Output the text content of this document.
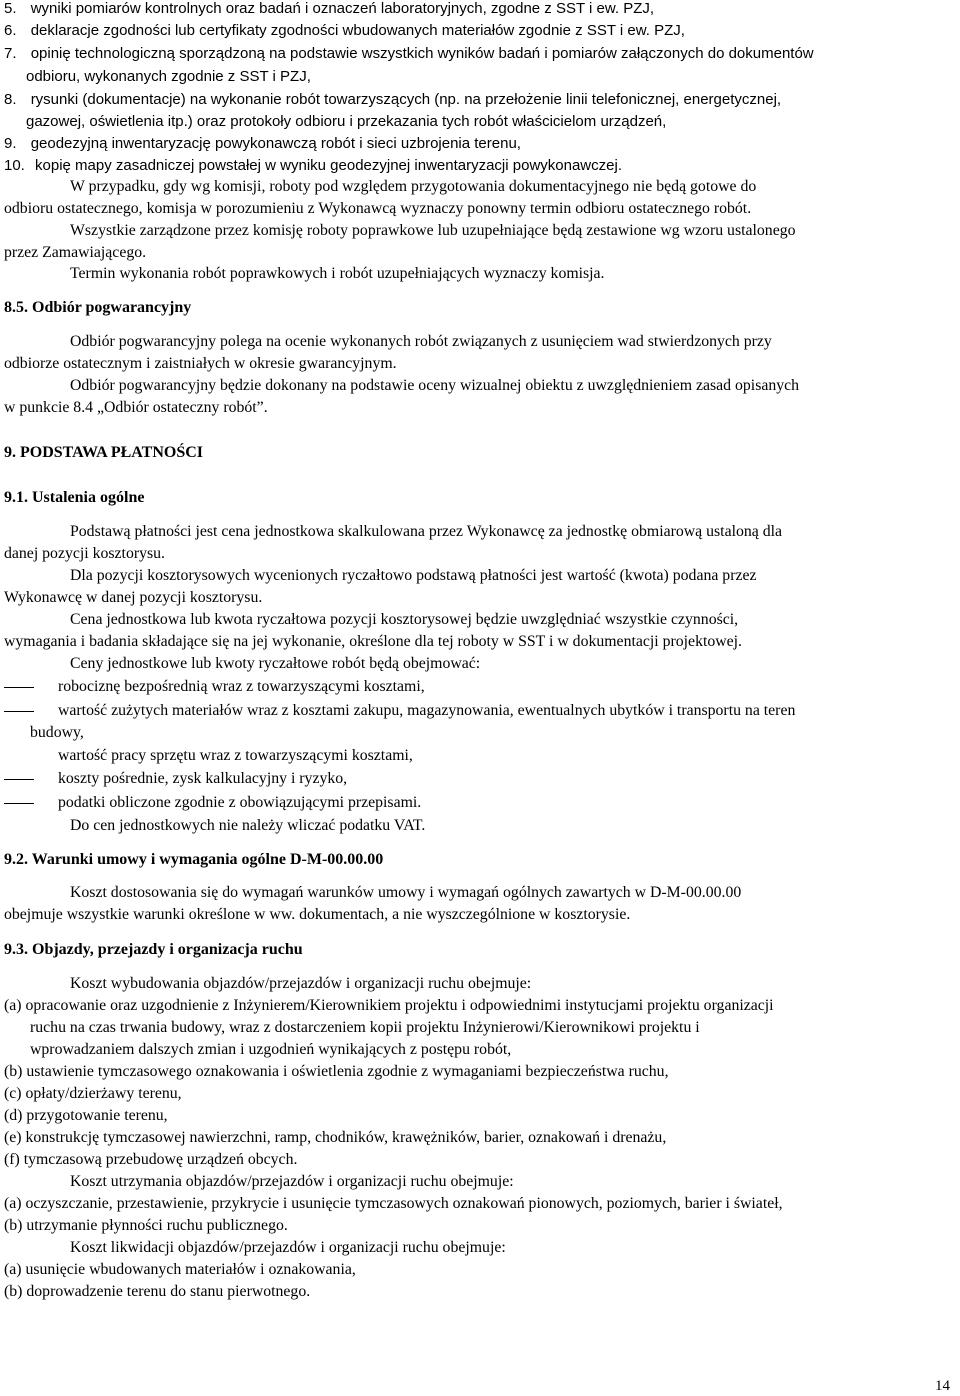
5. wyniki pomiarów kontrolnych oraz badań i oznaczeń laboratoryjnych, zgodne z SST i ew. PZJ,
6. deklaracje zgodności lub certyfikaty zgodności wbudowanych materiałów zgodnie z SST i ew. PZJ,
7. opinię technologiczną sporządzoną na podstawie wszystkich wyników badań i pomiarów załączonych do dokumentów
odbioru, wykonanych zgodnie z SST i PZJ,
8. rysunki (dokumentacje) na wykonanie robót towarzyszących (np. na przełożenie linii telefonicznej, energetycznej,
gazowej, oświetlenia itp.) oraz protokoły odbioru i przekazania tych robót właścicielom urządzeń,
9. geodezyjną inwentaryzację powykonawczą robót i sieci uzbrojenia terenu,
10. kopię mapy zasadniczej powstałej w wyniku geodezyjnej inwentaryzacji powykonawczej.
W przypadku, gdy wg komisji, roboty pod względem przygotowania dokumentacyjnego nie będą gotowe do
odbioru ostatecznego, komisja w porozumieniu z Wykonawcą wyznaczy ponowny termin odbioru ostatecznego robót.
Wszystkie zarządzone przez komisję roboty poprawkowe lub uzupełniające będą zestawione wg wzoru ustalonego
przez Zamawiającego.
Termin wykonania robót poprawkowych i robót uzupełniających wyznaczy komisja.
8.5. Odbiór pogwarancyjny
Odbiór pogwarancyjny polega na ocenie wykonanych robót związanych z usunięciem wad stwierdzonych przy
odbiorze ostatecznym i zaistniałych w okresie gwarancyjnym.
Odbiór pogwarancyjny będzie dokonany na podstawie oceny wizualnej obiektu z uwzględnieniem zasad opisanych
w punkcie 8.4 „Odbiór ostateczny robót”.
9. PODSTAWA PŁATNOŚCI
9.1. Ustalenia ogólne
Podstawą płatności jest cena jednostkowa skalkulowana przez Wykonawcę za jednostkę obmiarową ustaloną dla
danej pozycji kosztorysu.
Dla pozycji kosztorysowych wycenionych ryczałtowo podstawą płatności jest wartość (kwota) podana przez
Wykonawcę w danej pozycji kosztorysu.
Cena jednostkowa lub kwota ryczałtowa pozycji kosztorysowej będzie uwzględniać wszystkie czynności,
wymagania i badania składające się na jej wykonanie, określone dla tej roboty w SST i w dokumentacji projektowej.
Ceny jednostkowe lub kwoty ryczałtowe robót będą obejmować:
robociznę bezpośrednią wraz z towarzyszącymi kosztami,
wartość zużytych materiałów wraz z kosztami zakupu, magazynowania, ewentualnych ubytków i transportu na teren
budowy,
wartość pracy sprzętu wraz z towarzyszącymi kosztami,
koszty pośrednie, zysk kalkulacyjny i ryzyko,
podatki obliczone zgodnie z obowiązującymi przepisami.
Do cen jednostkowych nie należy wliczać podatku VAT.
9.2. Warunki umowy i wymagania ogólne D-M-00.00.00
Koszt dostosowania się do wymagań warunków umowy i wymagań ogólnych zawartych w D-M-00.00.00
obejmuje wszystkie warunki określone w ww. dokumentach, a nie wyszczególnione w kosztorysie.
9.3. Objazdy, przejazdy i organizacja ruchu
Koszt wybudowania objazdów/przejazdów i organizacji ruchu obejmuje:
(a) opracowanie oraz uzgodnienie z Inżynierem/Kierownikiem projektu i odpowiednimi instytucjami projektu organizacji
ruchu na czas trwania budowy, wraz z dostarczeniem kopii projektu Inżynierowi/Kierownikowi projektu i
wprowadzaniem dalszych zmian i uzgodnień wynikających z postępu robót,
(b) ustawienie tymczasowego oznakowania i oświetlenia zgodnie z wymaganiami bezpieczeństwa ruchu,
(c) opłaty/dzierżawy terenu,
(d) przygotowanie terenu,
(e) konstrukcję tymczasowej nawierzchni, ramp, chodników, krawężników, barier, oznakowań i drenażu,
(f) tymczasową przebudowę urządzeń obcych.
Koszt utrzymania objazdów/przejazdów i organizacji ruchu obejmuje:
(a) oczyszczanie, przestawienie, przykrycie i usunięcie tymczasowych oznakowań pionowych, poziomych, barier i świateł,
(b) utrzymanie płynności ruchu publicznego.
Koszt likwidacji objazdów/przejazdów i organizacji ruchu obejmuje:
(a) usunięcie wbudowanych materiałów i oznakowania,
(b) doprowadzenie terenu do stanu pierwotnego.
14
